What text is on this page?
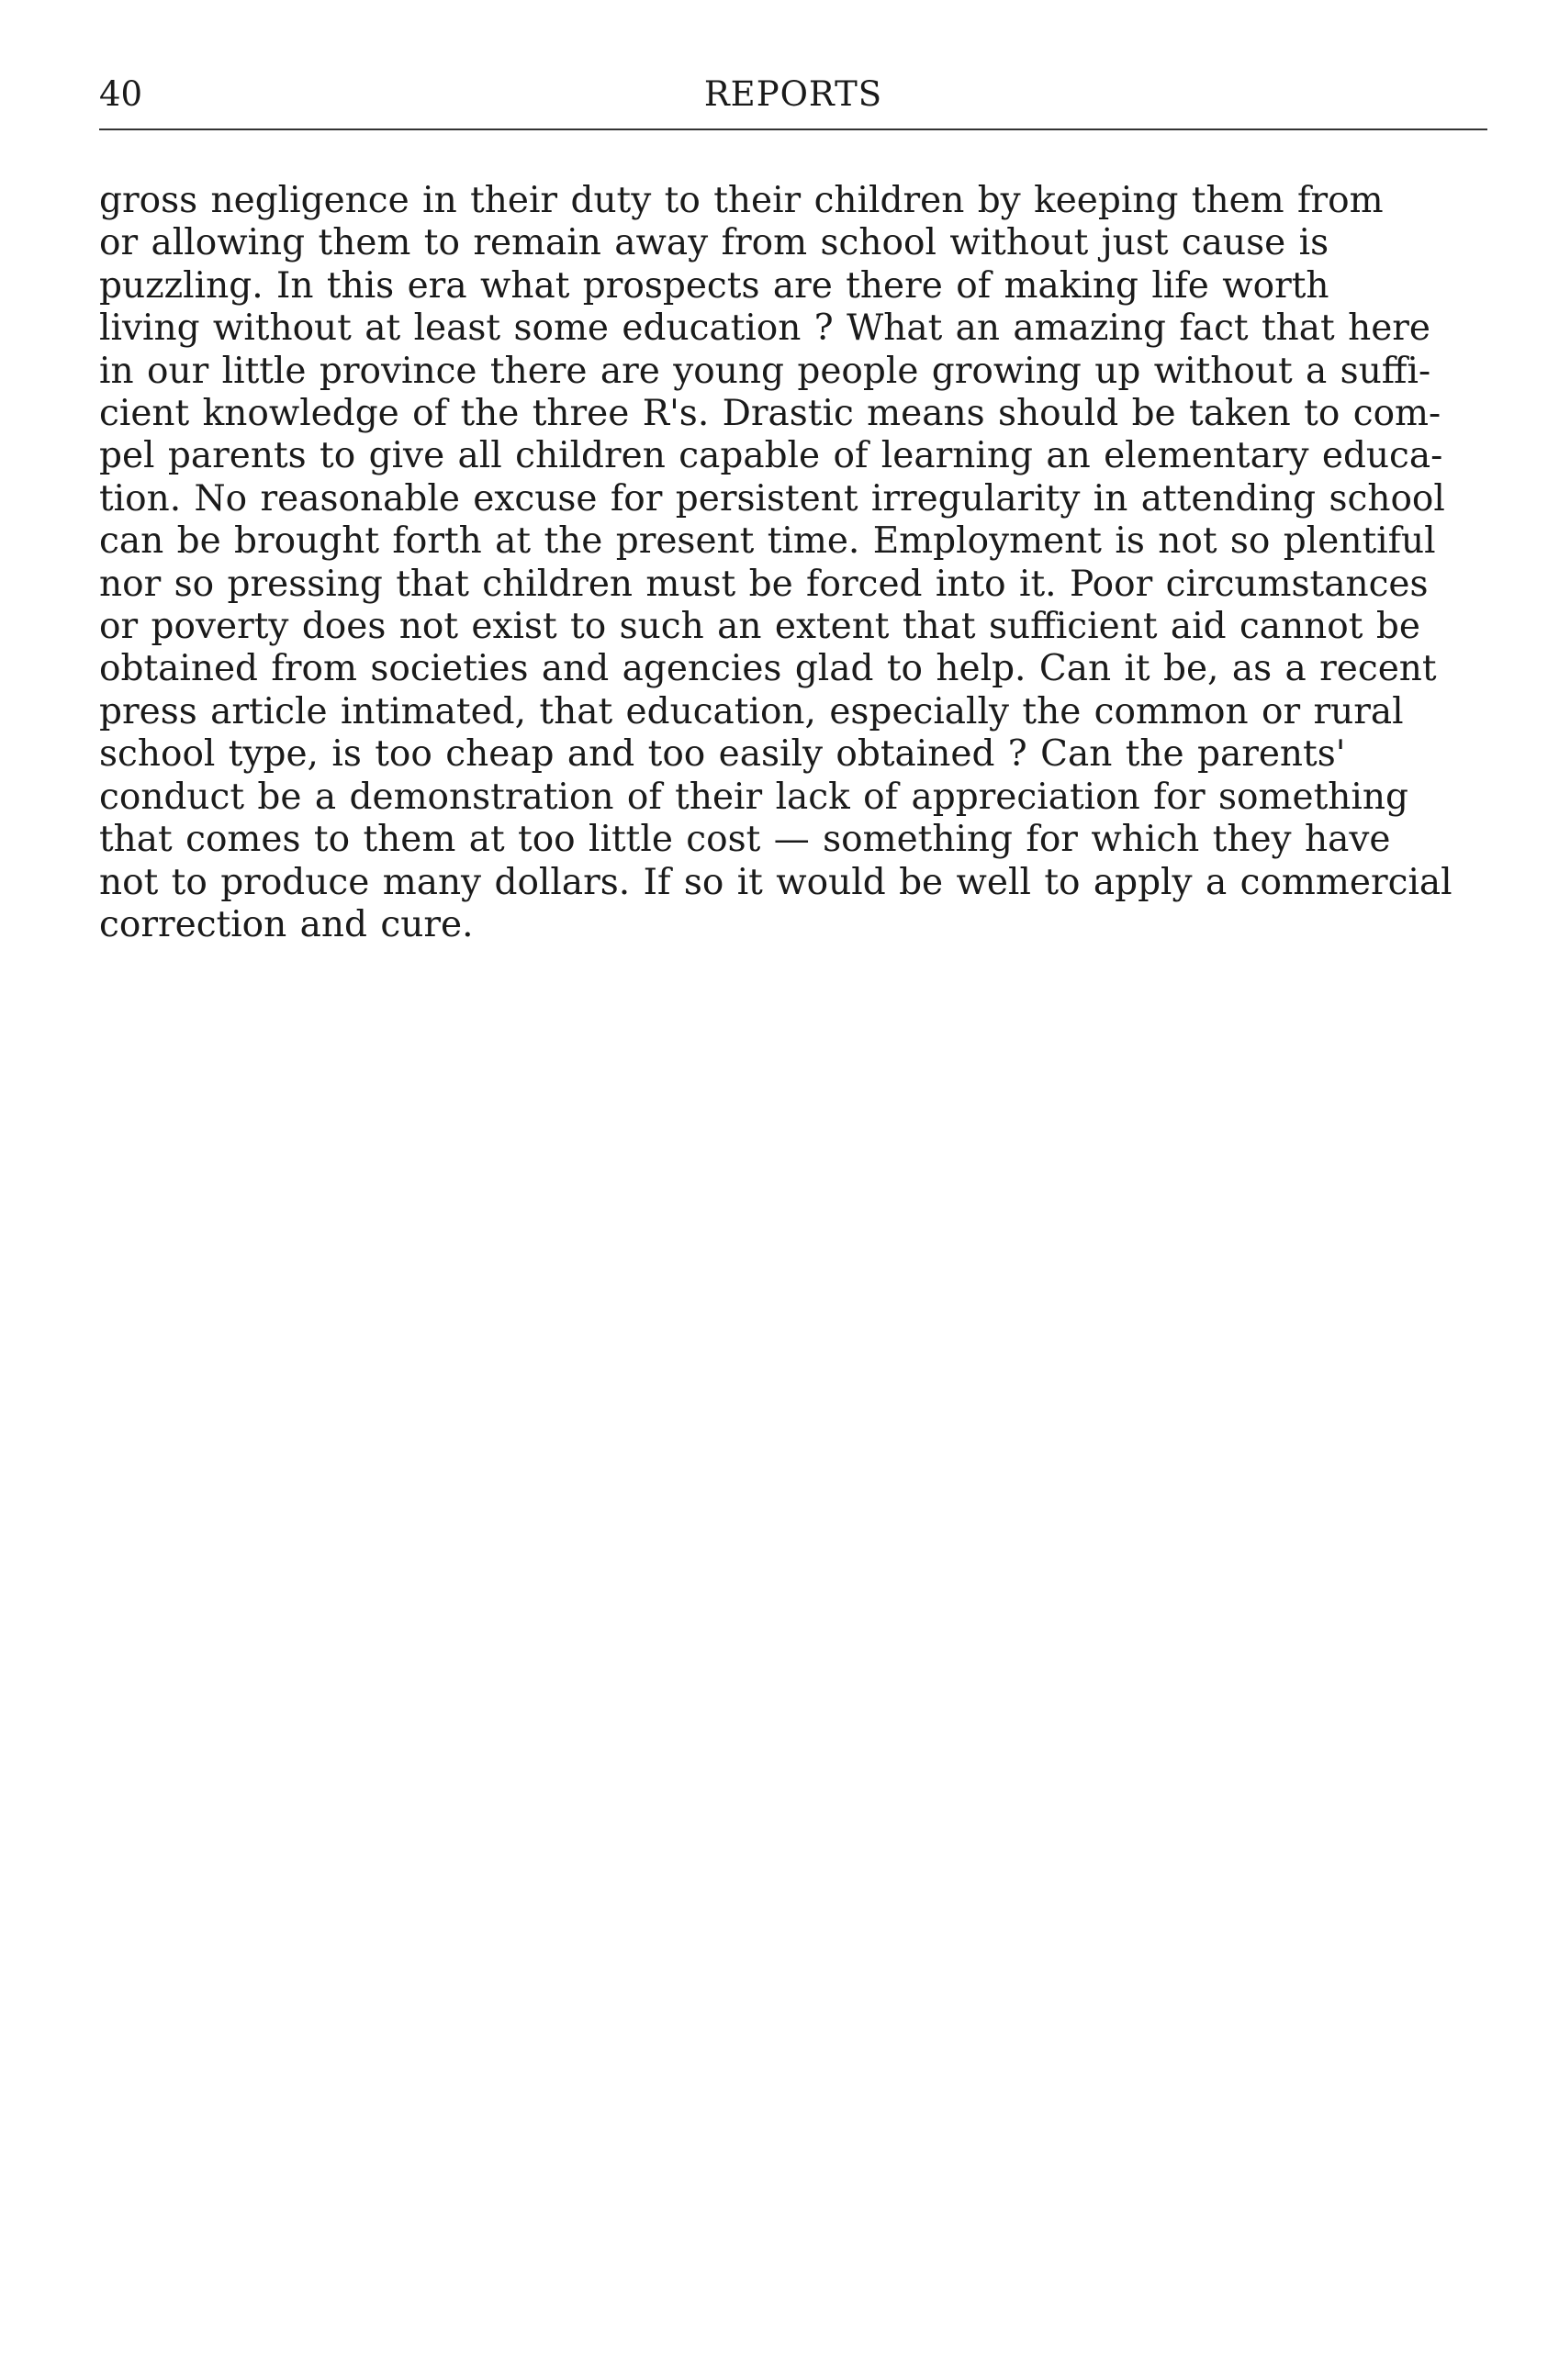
40	REPORTS

gross negligence in their duty to their children by keeping them from
or allowing them to remain away from school without just cause is
puzzling. In this era what prospects are there of making life worth
living without at least some education ? What an amazing fact that here
in our little province there are young people growing up without a suffi-
cient knowledge of the three R's. Drastic means should be taken to com-
pel parents to give all children capable of learning an elementary educa-
tion. No reasonable excuse for persistent irregularity in attending school
can be brought forth at the present time. Employment is not so plentiful
nor so pressing that children must be forced into it. Poor circumstances
or poverty does not exist to such an extent that sufficient aid cannot be
obtained from societies and agencies glad to help. Can it be, as a recent
press article intimated, that education, especially the common or rural
school type, is too cheap and too easily obtained ? Can the parents'
conduct be a demonstration of their lack of appreciation for something
that comes to them at too little cost — something for which they have
not to produce many dollars. If so it would be well to apply a commercial
correction and cure.
